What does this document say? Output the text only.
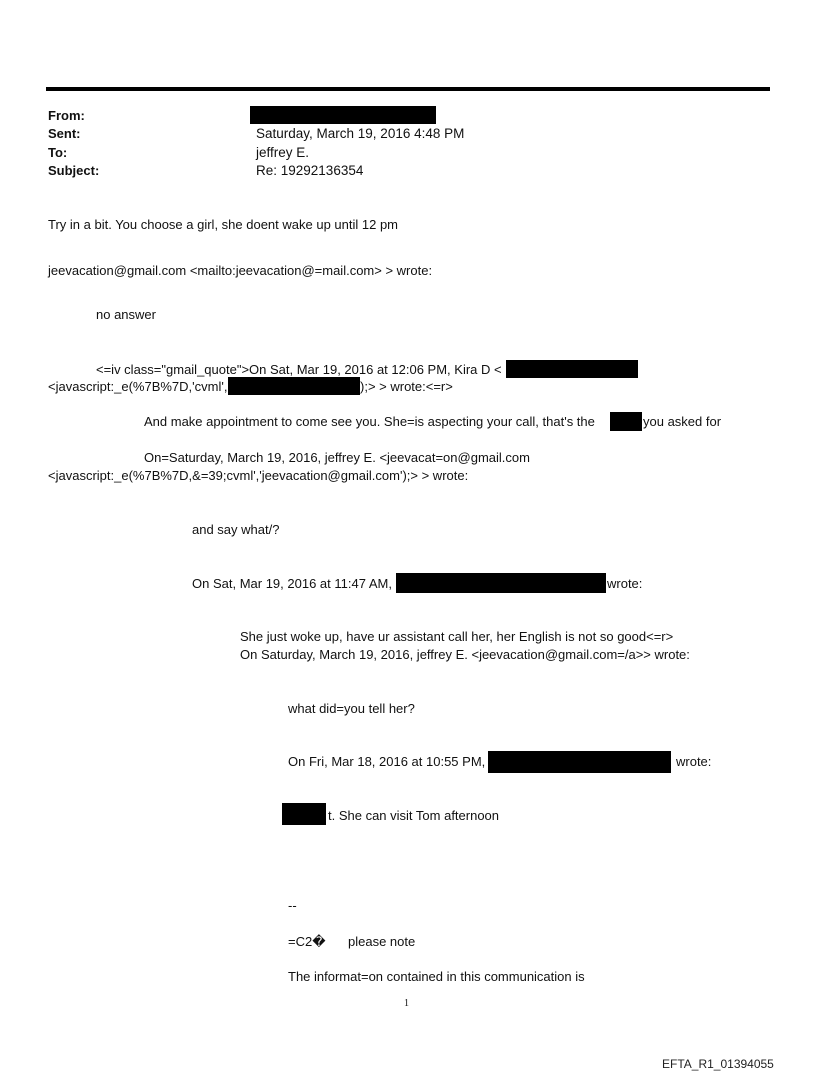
From:
Sent:	Saturday, March 19, 2016 4:48 PM
To:	jeffrey E.
Subject:	Re: 19292136354
Try in a bit. You choose a girl, she doent wake up until 12 pm
jeevacation@gmail.com <mailto:jeevacation@=mail.com> > wrote:
no answer
<=iv class="gmail_quote">On Sat, Mar 19, 2016 at 12:06 PM, Kira D <
<javascript:_e(%7B%7D,'cvml',	);> > wrote:<=r>
And make appointment to come see you. She=is aspecting your call, that's the	you asked for
On=Saturday, March 19, 2016, jeffrey E. <jeevacat=on@gmail.com
<javascript:_e(%7B%7D,&=39;cvml','jeevacation@gmail.com');> > wrote:
and say what/?
On Sat, Mar 19, 2016 at 11:47 AM,	wrote:
She just woke up, have ur assistant call her, her English is not so good<=r>
On Saturday, March 19, 2016, jeffrey E. <jeevacation@gmail.com=/a>> wrote:
what did=you tell her?
On Fri, Mar 18, 2016 at 10:55 PM,	wrote:
t. She can visit Tom afternoon
--
=C2� please note
The informat=on contained in this communication is
1
EFTA_R1_01394055
